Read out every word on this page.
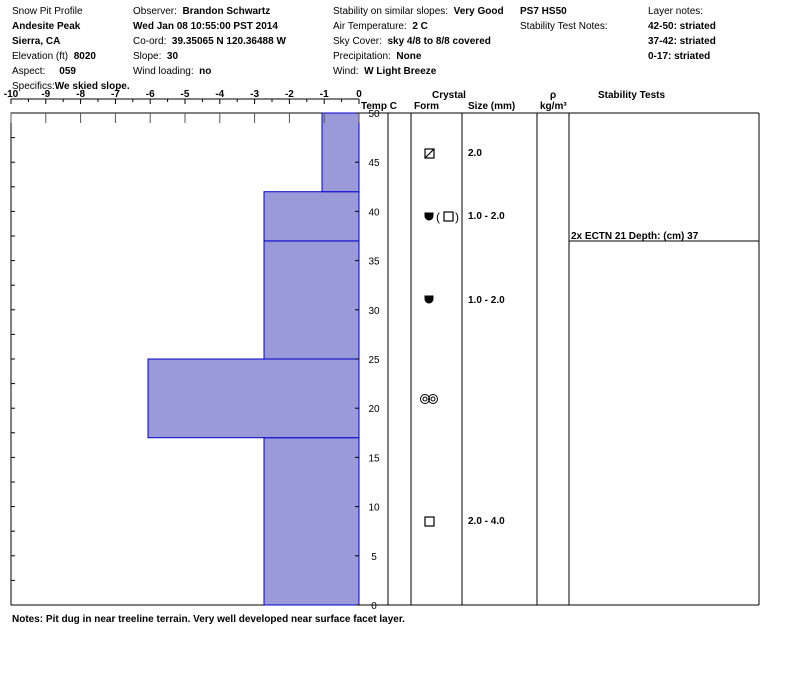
Snow Pit Profile
Andesite Peak
Sierra, CA
Elevation (ft) 8020
Aspect: 059
Specifics:We skied slope.
Observer: Brandon Schwartz
Wed Jan 08 10:55:00 PST 2014
Co-ord: 39.35065 N 120.36488 W
Slope: 30
Wind loading: no
Stability on similar slopes: Very Good
Air Temperature: 2 C
Sky Cover: sky 4/8 to 8/8 covered
Precipitation: None
Wind: W Light Breeze
PS7 HS50
Stability Test Notes:
Layer notes:
42-50: striated
37-42: striated
0-17: striated
-10 -9	-8	-7	-6	-5	-4	-3	-2	-1	0
0
5
10
15
20
25
30
35
40
45
50
Temp C
Crystal
Form	Size (mm)
ρ
kg/m³
Stability Tests
( )
2.0
1.0 - 2.0
1.0 - 2.0
2.0 - 4.0
2x ECTN 21 Depth: (cm) 37
Notes: Pit dug in near treeline terrain. Very well developed near surface facet layer.
